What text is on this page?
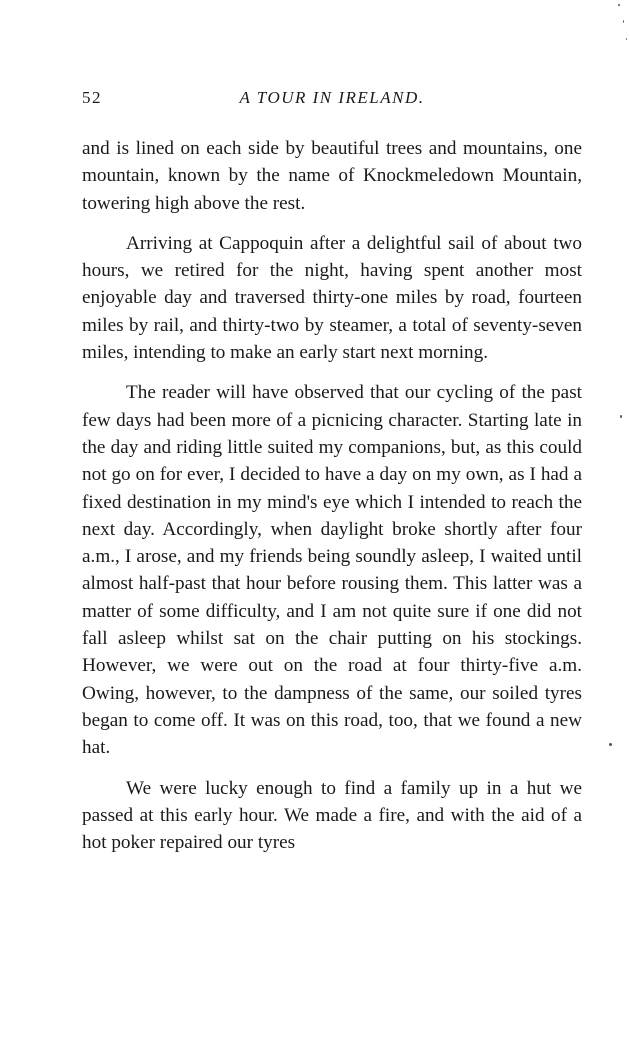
52	A TOUR IN IRELAND.

and is lined on each side by beautiful trees and mountains, one mountain, known by the name of Knockmeledown Mountain, towering high above the rest.

Arriving at Cappoquin after a delightful sail of about two hours, we retired for the night, having spent another most enjoyable day and traversed thirty-one miles by road, fourteen miles by rail, and thirty-two by steamer, a total of seventy-seven miles, intending to make an early start next morning.

The reader will have observed that our cycling of the past few days had been more of a picnicing character. Starting late in the day and riding little suited my companions, but, as this could not go on for ever, I decided to have a day on my own, as I had a fixed destination in my mind's eye which I intended to reach the next day. Accordingly, when daylight broke shortly after four a.m., I arose, and my friends being soundly asleep, I waited until almost half-past that hour before rousing them. This latter was a matter of some difficulty, and I am not quite sure if one did not fall asleep whilst sat on the chair putting on his stockings. However, we were out on the road at four thirty-five a.m. Owing, however, to the dampness of the same, our soiled tyres began to come off. It was on this road, too, that we found a new hat.

We were lucky enough to find a family up in a hut we passed at this early hour. We made a fire, and with the aid of a hot poker repaired our tyres
